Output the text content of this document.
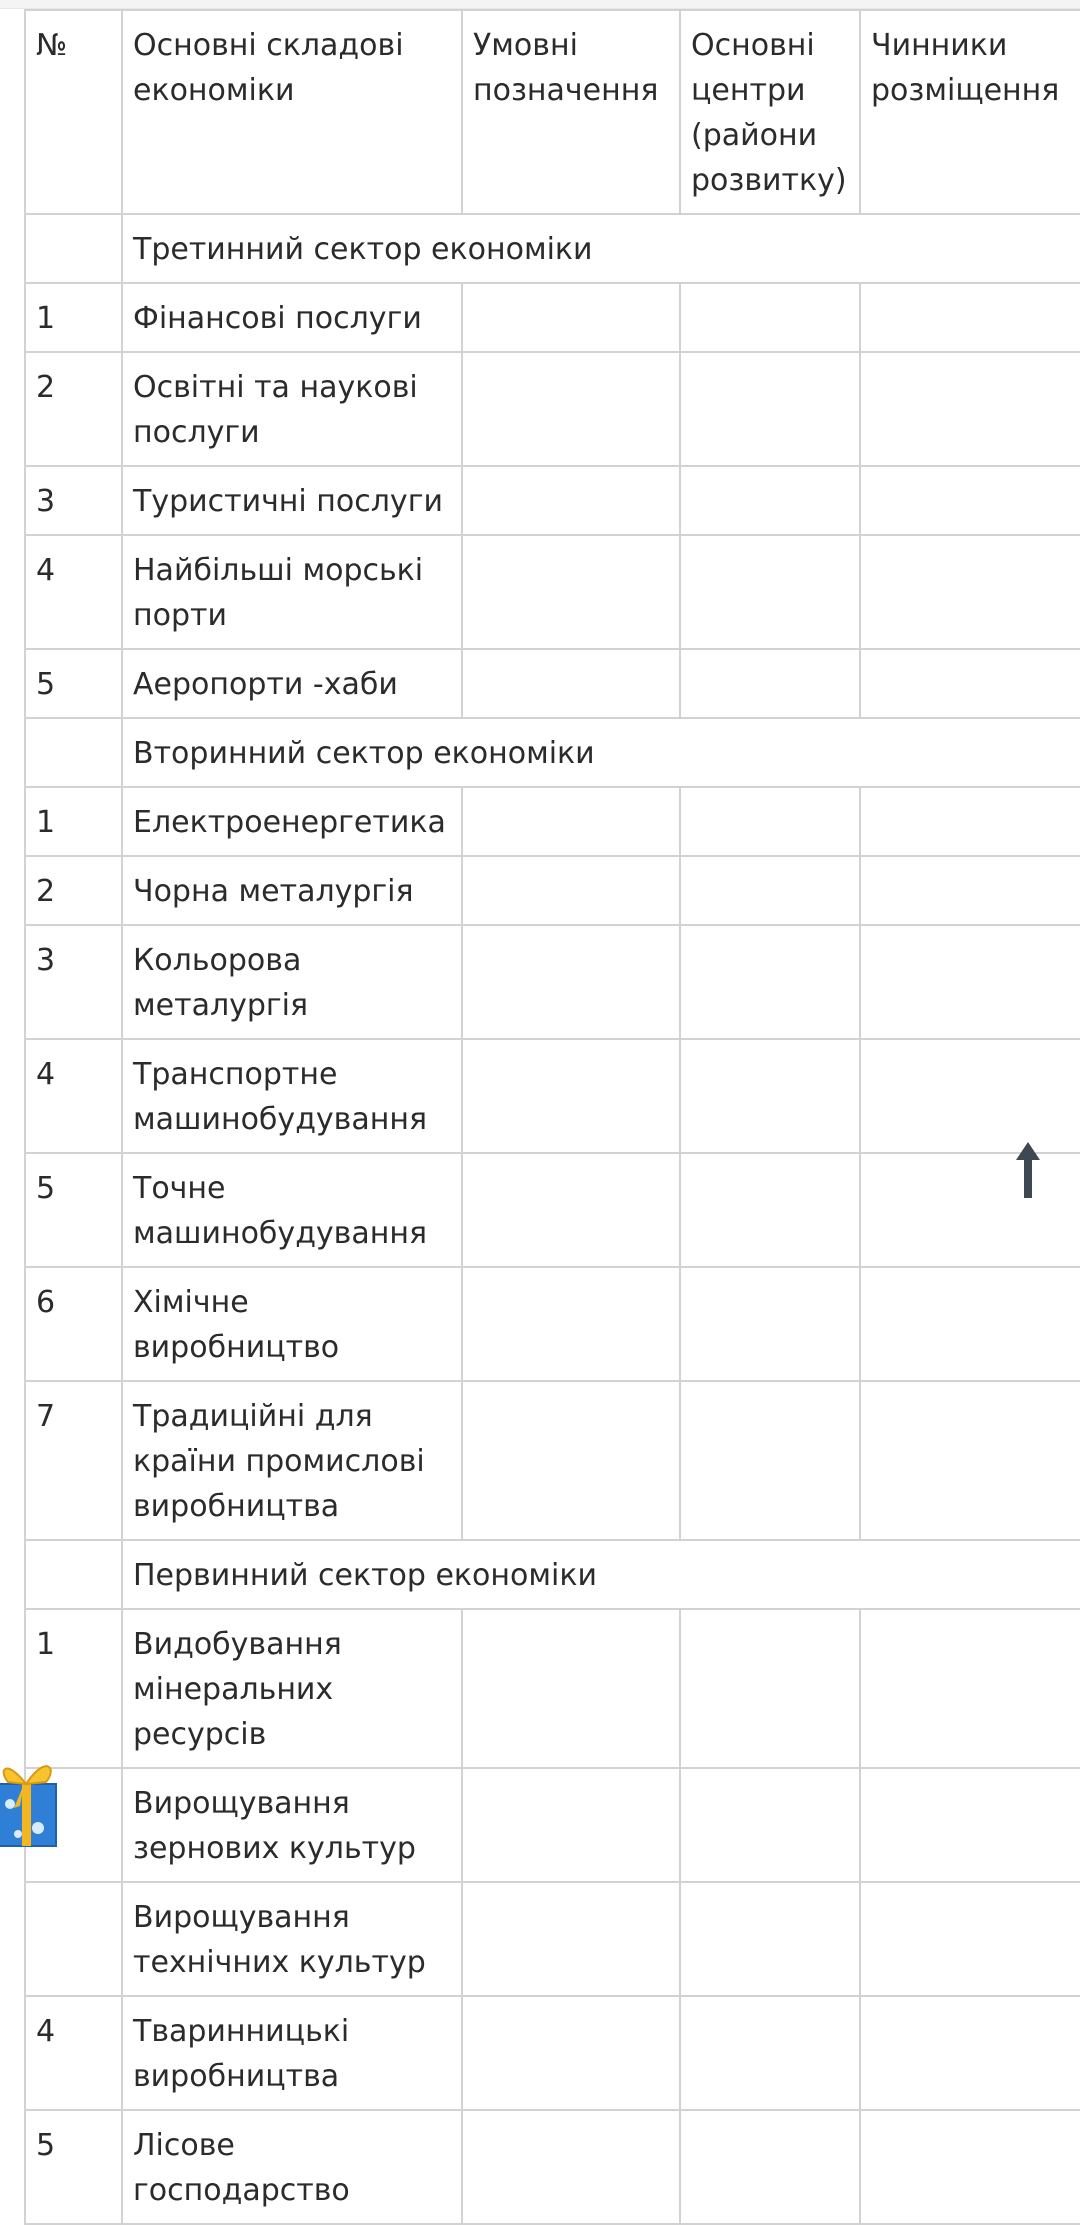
№	Основні складові економіки	Умовні позначення	Основні центри (райони розвитку)	Чинники розміщення
	Третинний сектор економіки			
1	Фінансові послуги			
2	Освітні та наукові послуги			
3	Туристичні послуги			
4	Найбільші морські порти			
5	Аеропорти -хаби			
	Вторинний сектор економіки			
1	Електроенергетика			
2	Чорна металургія			
3	Кольорова металургія			
4	Транспортне машинобудування			
5	Точне машинобудування			
6	Хімічне виробництво			
7	Традиційні для країни промислові виробництва			
	Первинний сектор економіки			
1	Видобування мінеральних ресурсів			
	Вирощування зернових культур			
	Вирощування технічних культур			
4	Тваринницькі виробництва			
5	Лісове господарство			
